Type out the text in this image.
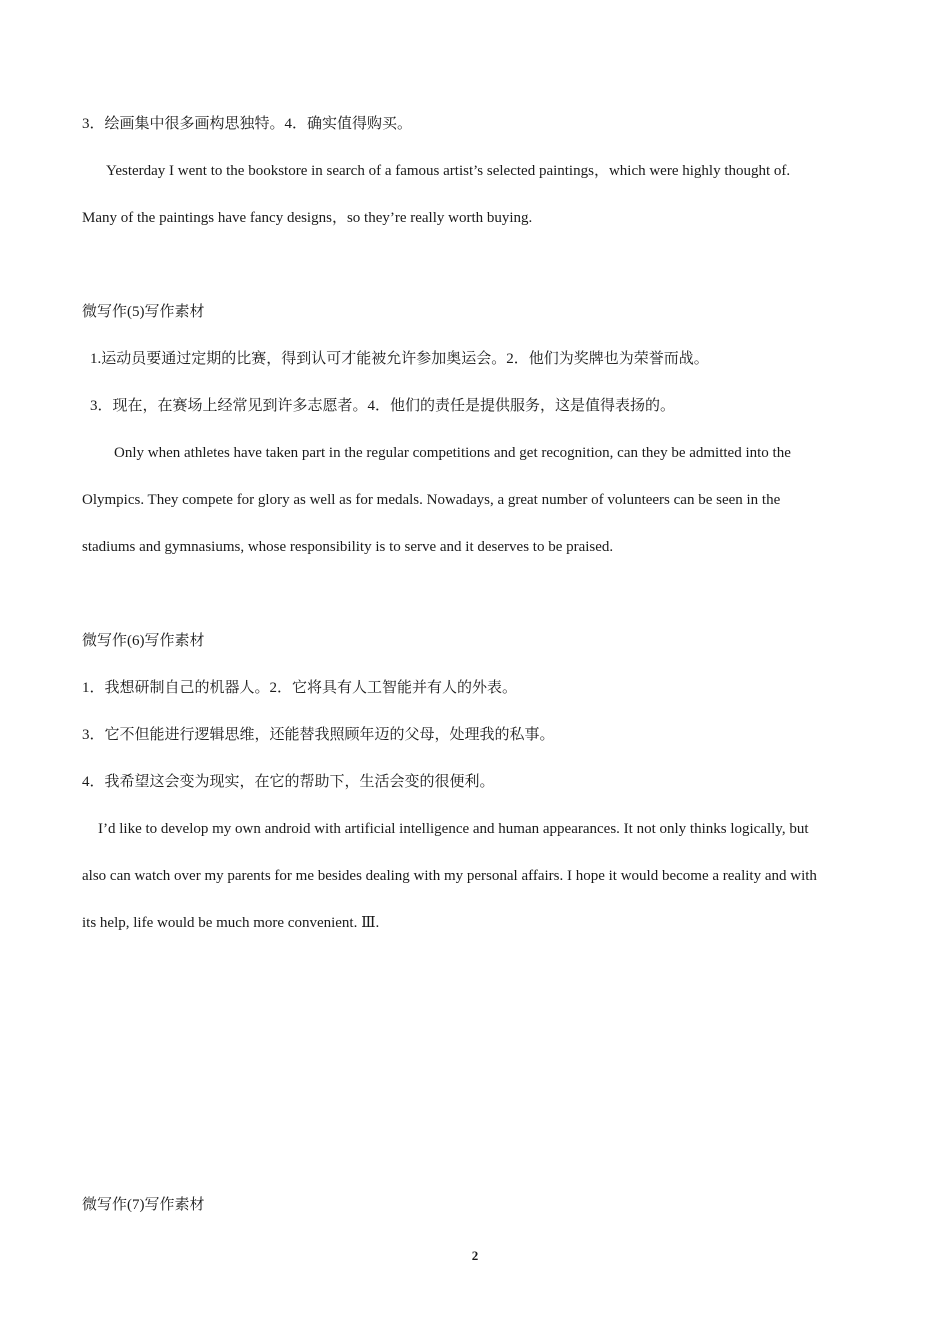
3．绘画集中很多画构思独特。4．确实值得购买。
Yesterday I went to the bookstore in search of a famous artist’s selected paintings，which were highly thought of.
Many of the paintings have fancy designs，so they’re really worth buying.
微写作(5)写作素材
1.运动员要通过定期的比赛，得到认可才能被允许参加奥运会。2．他们为奖牌也为荣誉而战。
3．现在，在赛场上经常见到许多志愿者。4．他们的责任是提供服务，这是值得表扬的。
Only when athletes have taken part in the regular competitions and get recognition, can they be admitted into the
Olympics. They compete for glory as well as for medals. Nowadays, a great number of volunteers can be seen in the
stadiums and gymnasiums, whose responsibility is to serve and it deserves to be praised.
微写作(6)写作素材
1．我想研制自己的机器人。2．它将具有人工智能并有人的外表。
3．它不但能进行逻辑思维，还能替我照顾年迈的父母，处理我的私事。
4．我希望这会变为现实，在它的帮助下，生活会变的很便利。
I’d like to develop my own android with artificial intelligence and human appearances. It not only thinks logically, but
also can watch over my parents for me besides dealing with my personal affairs. I hope it would become a reality and with
its help, life would be much more convenient. Ⅲ.
微写作(7)写作素材
2
